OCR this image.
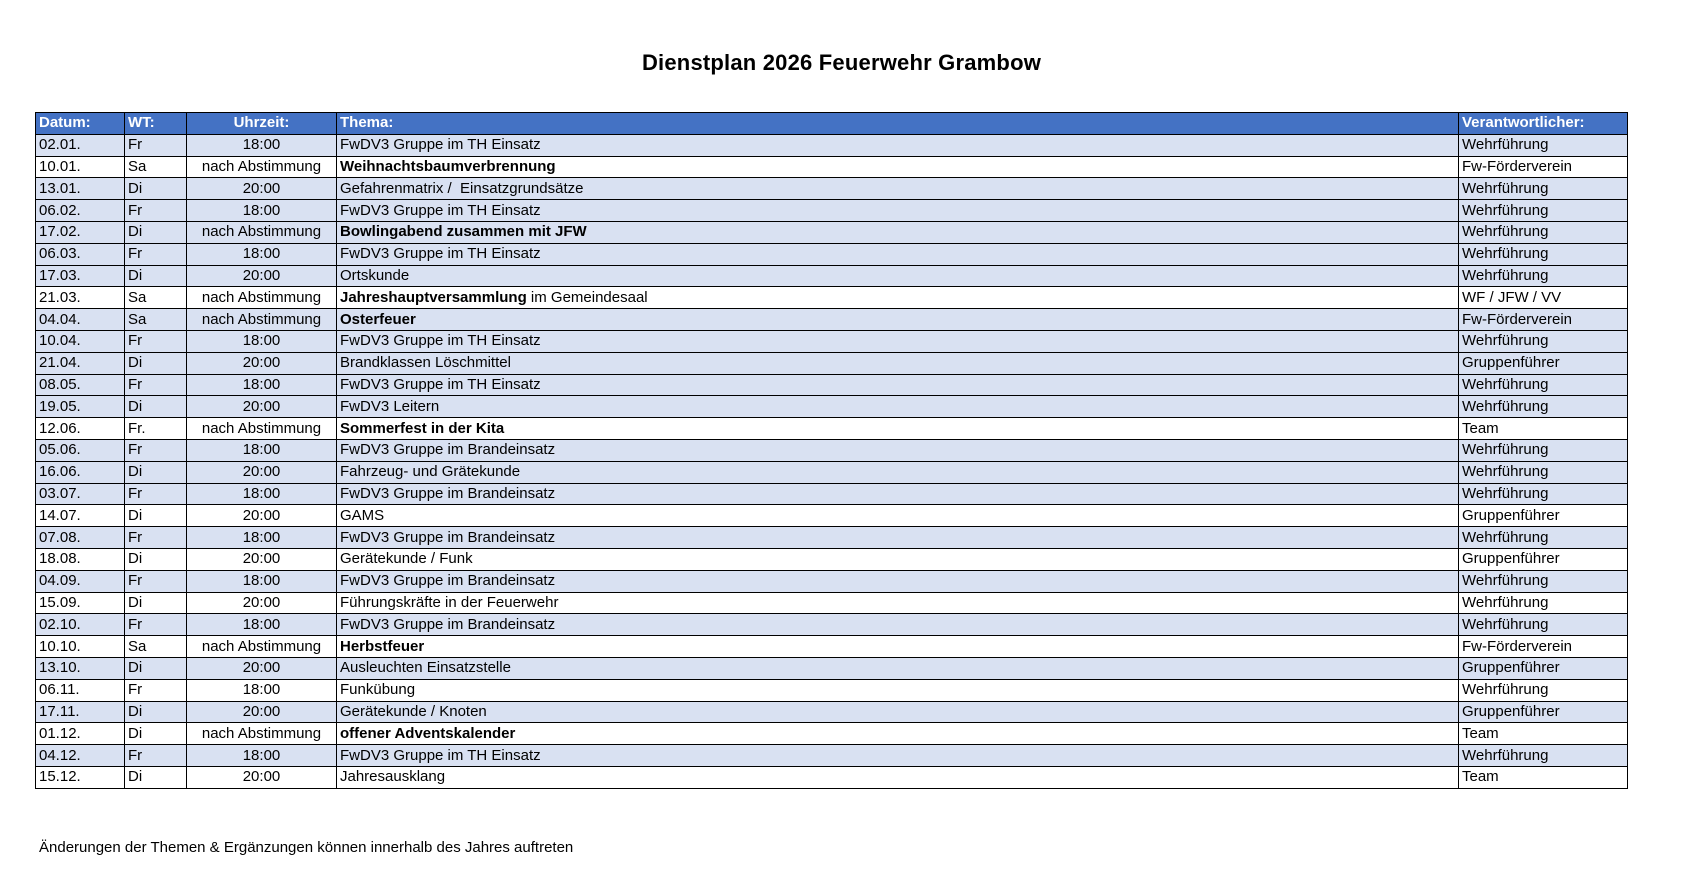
Dienstplan 2026 Feuerwehr Grambow
Datum:	WT:	Uhrzeit:	Thema:	Verantwortlicher:
02.01.	Fr	18:00	FwDV3 Gruppe im TH Einsatz	Wehrführung
10.01.	Sa	nach Abstimmung	Weihnachtsbaumverbrennung	Fw-Förderverein
13.01.	Di	20:00	Gefahrenmatrix /  Einsatzgrundsätze	Wehrführung
06.02.	Fr	18:00	FwDV3 Gruppe im TH Einsatz	Wehrführung
17.02.	Di	nach Abstimmung	Bowlingabend zusammen mit JFW	Wehrführung
06.03.	Fr	18:00	FwDV3 Gruppe im TH Einsatz	Wehrführung
17.03.	Di	20:00	Ortskunde	Wehrführung
21.03.	Sa	nach Abstimmung	Jahreshauptversammlung im Gemeindesaal	WF / JFW / VV
04.04.	Sa	nach Abstimmung	Osterfeuer	Fw-Förderverein
10.04.	Fr	18:00	FwDV3 Gruppe im TH Einsatz	Wehrführung
21.04.	Di	20:00	Brandklassen Löschmittel	Gruppenführer
08.05.	Fr	18:00	FwDV3 Gruppe im TH Einsatz	Wehrführung
19.05.	Di	20:00	FwDV3 Leitern	Wehrführung
12.06.	Fr.	nach Abstimmung	Sommerfest in der Kita	Team
05.06.	Fr	18:00	FwDV3 Gruppe im Brandeinsatz	Wehrführung
16.06.	Di	20:00	Fahrzeug- und Grätekunde	Wehrführung
03.07.	Fr	18:00	FwDV3 Gruppe im Brandeinsatz	Wehrführung
14.07.	Di	20:00	GAMS	Gruppenführer
07.08.	Fr	18:00	FwDV3 Gruppe im Brandeinsatz	Wehrführung
18.08.	Di	20:00	Gerätekunde / Funk	Gruppenführer
04.09.	Fr	18:00	FwDV3 Gruppe im Brandeinsatz	Wehrführung
15.09.	Di	20:00	Führungskräfte in der Feuerwehr	Wehrführung
02.10.	Fr	18:00	FwDV3 Gruppe im Brandeinsatz	Wehrführung
10.10.	Sa	nach Abstimmung	Herbstfeuer	Fw-Förderverein
13.10.	Di	20:00	Ausleuchten Einsatzstelle	Gruppenführer
06.11.	Fr	18:00	Funkübung	Wehrführung
17.11.	Di	20:00	Gerätekunde / Knoten	Gruppenführer
01.12.	Di	nach Abstimmung	offener Adventskalender	Team
04.12.	Fr	18:00	FwDV3 Gruppe im TH Einsatz	Wehrführung
15.12.	Di	20:00	Jahresausklang	Team
Änderungen der Themen & Ergänzungen können innerhalb des Jahres auftreten
